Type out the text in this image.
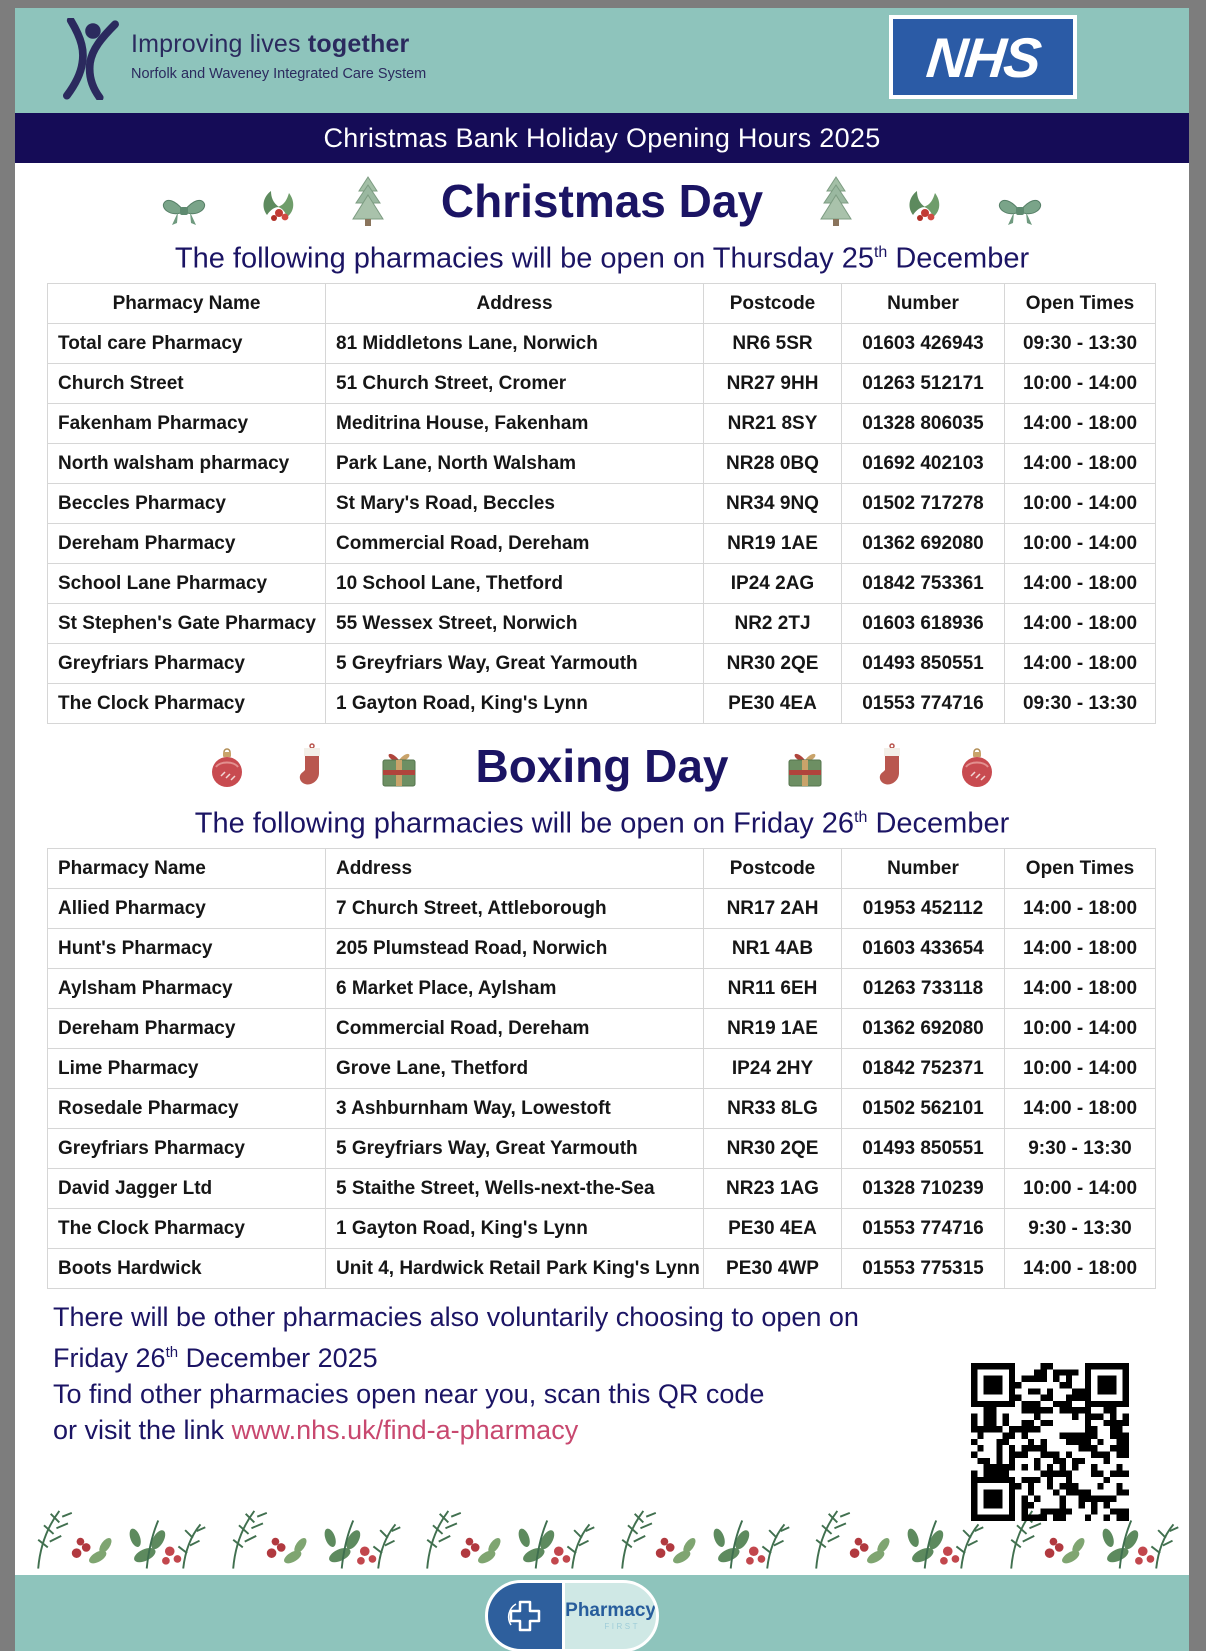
Improving lives together
Norfolk and Waveney Integrated Care System	NHS
Christmas Bank Holiday Opening Hours 2025
Christmas Day
The following pharmacies will be open on Thursday 25th December
Pharmacy Name	Address	Postcode	Number	Open Times
Total care Pharmacy	81 Middletons Lane, Norwich	NR6 5SR	01603 426943	09:30 - 13:30
Church Street	51 Church Street, Cromer	NR27 9HH	01263 512171	10:00 - 14:00
Fakenham Pharmacy	Meditrina House, Fakenham	NR21 8SY	01328 806035	14:00 - 18:00
North walsham pharmacy	Park Lane, North Walsham	NR28 0BQ	01692 402103	14:00 - 18:00
Beccles Pharmacy	St Mary's Road, Beccles	NR34 9NQ	01502 717278	10:00 - 14:00
Dereham Pharmacy	Commercial Road, Dereham	NR19 1AE	01362 692080	10:00 - 14:00
School Lane Pharmacy	10 School Lane, Thetford	IP24 2AG	01842 753361	14:00 - 18:00
St Stephen's Gate Pharmacy	55 Wessex Street, Norwich	NR2 2TJ	01603 618936	14:00 - 18:00
Greyfriars Pharmacy	5 Greyfriars Way, Great Yarmouth	NR30 2QE	01493 850551	14:00 - 18:00
The Clock Pharmacy	1 Gayton Road, King's Lynn	PE30 4EA	01553 774716	09:30 - 13:30
Boxing Day
The following pharmacies will be open on Friday 26th December
Pharmacy Name	Address	Postcode	Number	Open Times
Allied Pharmacy	7 Church Street, Attleborough	NR17 2AH	01953 452112	14:00 - 18:00
Hunt's Pharmacy	205 Plumstead Road, Norwich	NR1 4AB	01603 433654	14:00 - 18:00
Aylsham Pharmacy	6 Market Place, Aylsham	NR11 6EH	01263 733118	14:00 - 18:00
Dereham Pharmacy	Commercial Road, Dereham	NR19 1AE	01362 692080	10:00 - 14:00
Lime Pharmacy	Grove Lane, Thetford	IP24 2HY	01842 752371	10:00 - 14:00
Rosedale Pharmacy	3 Ashburnham Way, Lowestoft	NR33 8LG	01502 562101	14:00 - 18:00
Greyfriars Pharmacy	5 Greyfriars Way, Great Yarmouth	NR30 2QE	01493 850551	9:30 - 13:30
David Jagger Ltd	5 Staithe Street, Wells-next-the-Sea	NR23 1AG	01328 710239	10:00 - 14:00
The Clock Pharmacy	1 Gayton Road, King's Lynn	PE30 4EA	01553 774716	9:30 - 13:30
Boots Hardwick	Unit 4, Hardwick Retail Park King's Lynn	PE30 4WP	01553 775315	14:00 - 18:00
There will be other pharmacies also voluntarily choosing to open on
Friday 26th December 2025
To find other pharmacies open near you, scan this QR code
or visit the link www.nhs.uk/find-a-pharmacy
Pharmacy
FIRST
